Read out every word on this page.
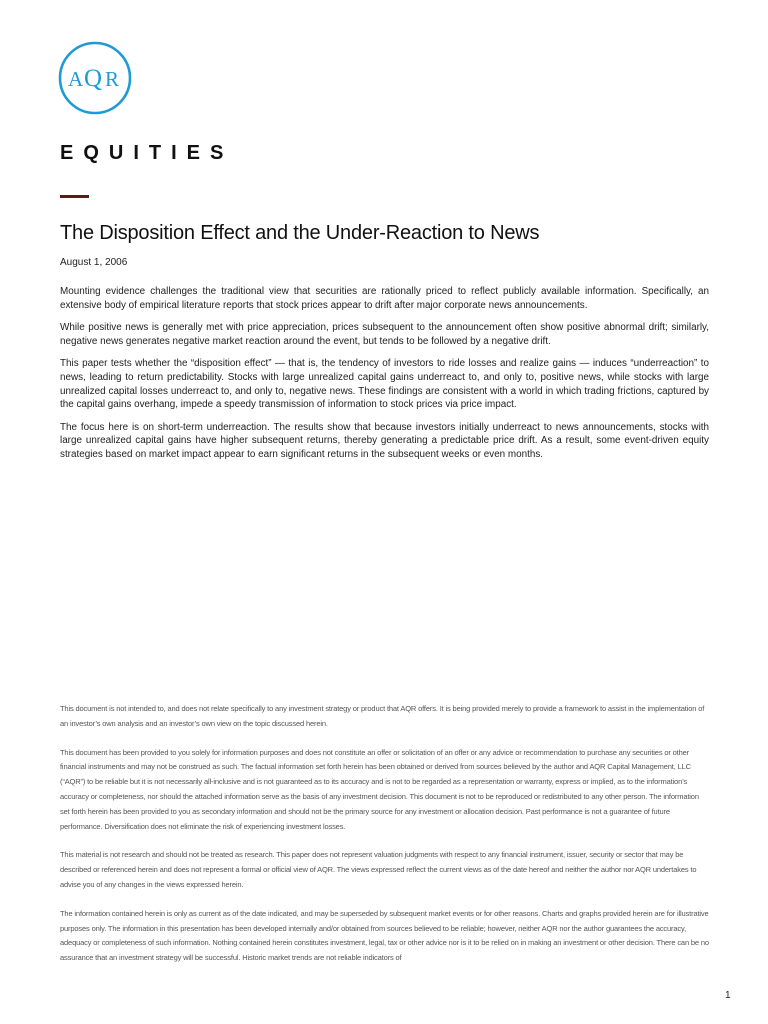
A Q R
EQUITIES
The Disposition Effect and the Under-Reaction to News
August 1, 2006

Mounting evidence challenges the traditional view that securities are rationally priced to reflect publicly available information. Specifically, an extensive body of empirical literature reports that stock prices appear to drift after major corporate news announcements.

While positive news is generally met with price appreciation, prices subsequent to the announcement often show positive abnormal drift; similarly, negative news generates negative market reaction around the event, but tends to be followed by a negative drift.

This paper tests whether the “disposition effect” — that is, the tendency of investors to ride losses and realize gains — induces “underreaction” to news, leading to return predictability. Stocks with large unrealized capital gains underreact to, and only to, positive news, while stocks with large unrealized capital losses underreact to, and only to, negative news. These findings are consistent with a world in which trading frictions, captured by the capital gains overhang, impede a speedy transmission of information to stock prices via price impact.

The focus here is on short-term underreaction. The results show that because investors initially underreact to news announcements, stocks with large unrealized capital gains have higher subsequent returns, thereby generating a predictable price drift. As a result, some event-driven equity strategies based on market impact appear to earn significant returns in the subsequent weeks or even months.

This document is not intended to, and does not relate specifically to any investment strategy or product that AQR offers. It is being provided merely to provide a framework to assist in the implementation of an investor’s own analysis and an investor’s own view on the topic discussed herein.

This document has been provided to you solely for information purposes and does not constitute an offer or solicitation of an offer or any advice or recommendation to purchase any securities or other financial instruments and may not be construed as such. The factual information set forth herein has been obtained or derived from sources believed by the author and AQR Capital Management, LLC (“AQR”) to be reliable but it is not necessarily all-inclusive and is not guaranteed as to its accuracy and is not to be regarded as a representation or warranty, express or implied, as to the information’s accuracy or completeness, nor should the attached information serve as the basis of any investment decision. This document is not to be reproduced or redistributed to any other person. The information set forth herein has been provided to you as secondary information and should not be the primary source for any investment or allocation decision. Past performance is not a guarantee of future performance. Diversification does not eliminate the risk of experiencing investment losses.

This material is not research and should not be treated as research. This paper does not represent valuation judgments with respect to any financial instrument, issuer, security or sector that may be described or referenced herein and does not represent a formal or official view of AQR. The views expressed reflect the current views as of the date hereof and neither the author nor AQR undertakes to advise you of any changes in the views expressed herein.

The information contained herein is only as current as of the date indicated, and may be superseded by subsequent market events or for other reasons. Charts and graphs provided herein are for illustrative purposes only. The information in this presentation has been developed internally and/or obtained from sources believed to be reliable; however, neither AQR nor the author guarantees the accuracy, adequacy or completeness of such information. Nothing contained herein constitutes investment, legal, tax or other advice nor is it to be relied on in making an investment or other decision. There can be no assurance that an investment strategy will be successful. Historic market trends are not reliable indicators of

1
